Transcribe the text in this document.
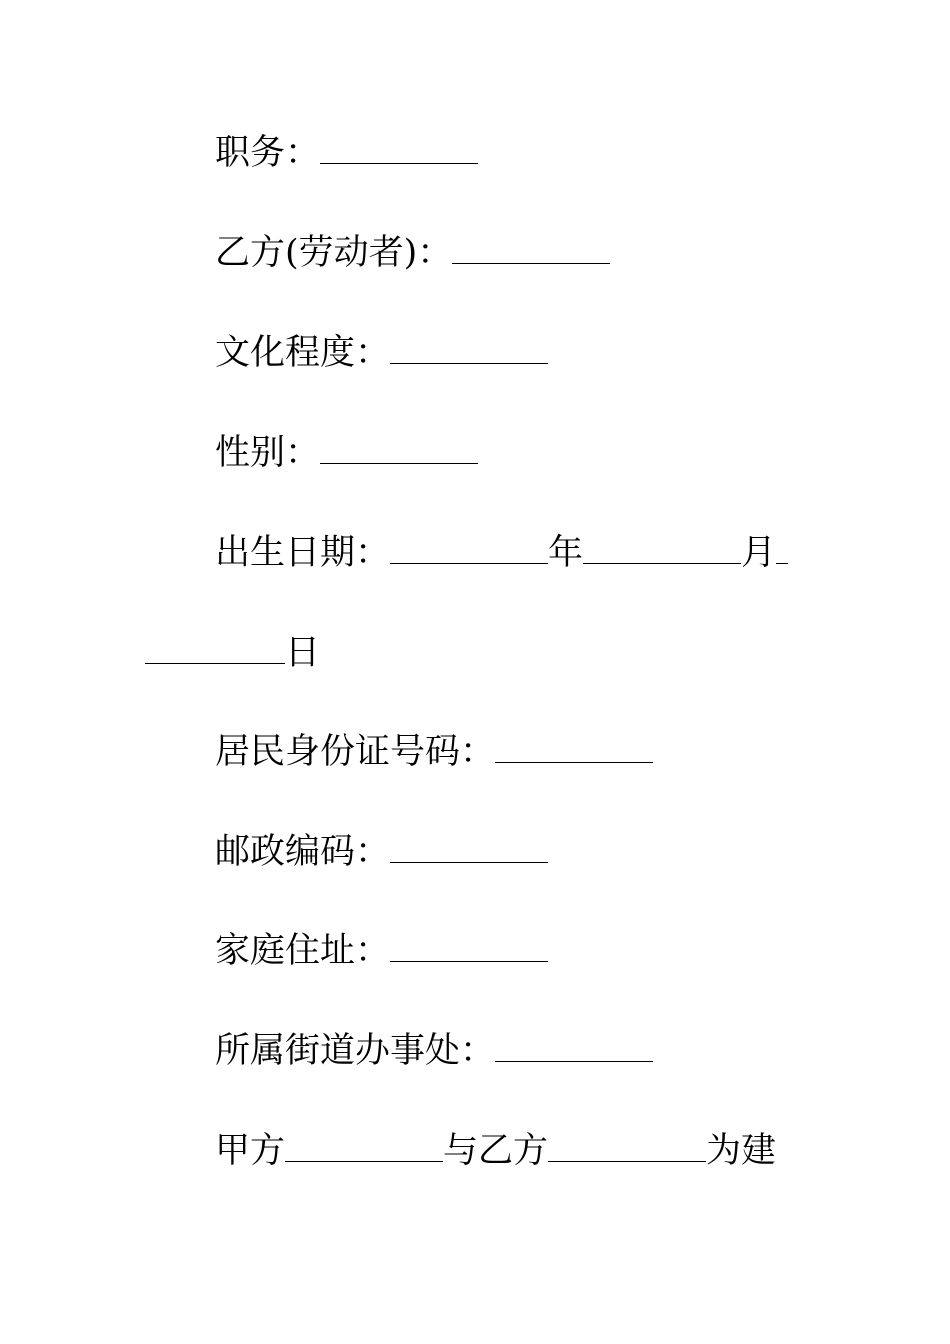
职务：
乙方(劳动者)：
文化程度：
性别：
出生日期：	年	月
日
居民身份证号码：
邮政编码：
家庭住址：
所属街道办事处：
甲方	与乙方	为建
